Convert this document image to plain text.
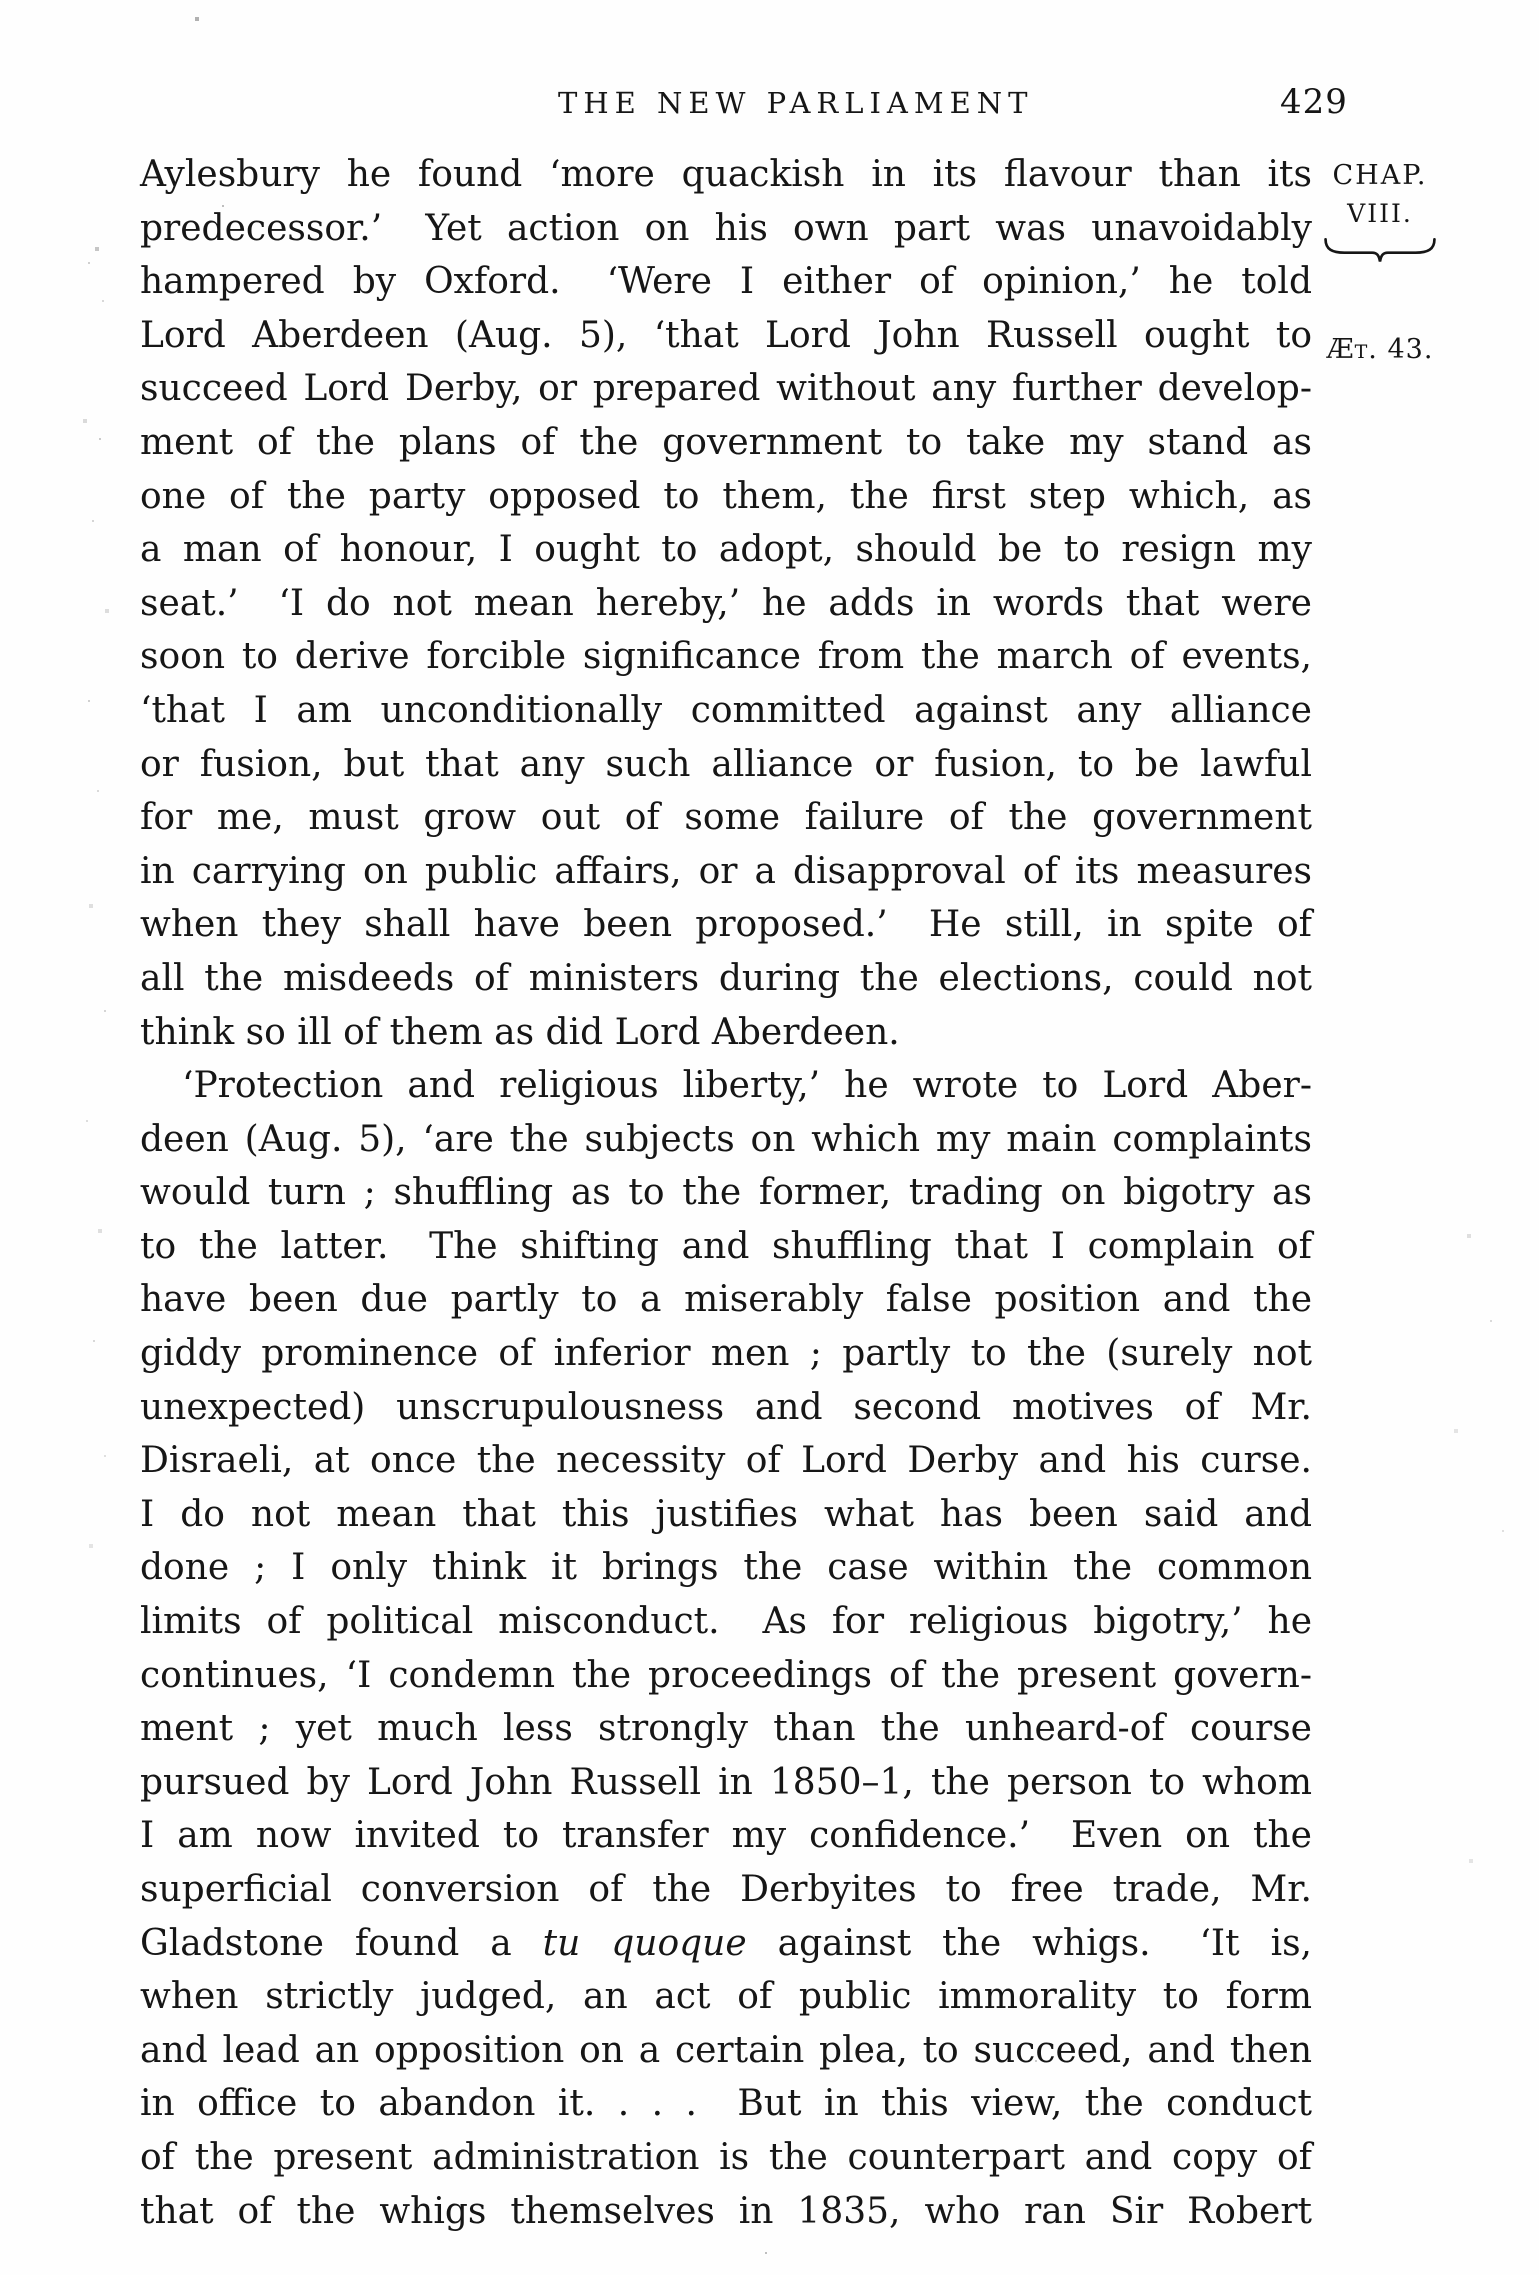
THE NEW PARLIAMENT	429
CHAP.
VIII.
Æt. 43.
Aylesbury he found ‘more quackish in its flavour than its
predecessor.’  Yet action on his own part was unavoidably
hampered by Oxford.  ‘Were I either of opinion,’ he told
Lord Aberdeen (Aug. 5), ‘that Lord John Russell ought to
succeed Lord Derby, or prepared without any further develop-
ment of the plans of the government to take my stand as
one of the party opposed to them, the first step which, as
a man of honour, I ought to adopt, should be to resign my
seat.’  ‘I do not mean hereby,’ he adds in words that were
soon to derive forcible significance from the march of events,
‘that I am unconditionally committed against any alliance
or fusion, but that any such alliance or fusion, to be lawful
for me, must grow out of some failure of the government
in carrying on public affairs, or a disapproval of its measures
when they shall have been proposed.’  He still, in spite of
all the misdeeds of ministers during the elections, could not
think so ill of them as did Lord Aberdeen.
‘Protection and religious liberty,’ he wrote to Lord Aber-
deen (Aug. 5), ‘are the subjects on which my main complaints
would turn ; shuffling as to the former, trading on bigotry as
to the latter.  The shifting and shuffling that I complain of
have been due partly to a miserably false position and the
giddy prominence of inferior men ; partly to the (surely not
unexpected) unscrupulousness and second motives of Mr.
Disraeli, at once the necessity of Lord Derby and his curse.
I do not mean that this justifies what has been said and
done ; I only think it brings the case within the common
limits of political misconduct.  As for religious bigotry,’ he
continues, ‘I condemn the proceedings of the present govern-
ment ; yet much less strongly than the unheard-of course
pursued by Lord John Russell in 1850–1, the person to whom
I am now invited to transfer my confidence.’  Even on the
superficial conversion of the Derbyites to free trade, Mr.
Gladstone found a tu quoque against the whigs.  ‘It is,
when strictly judged, an act of public immorality to form
and lead an opposition on a certain plea, to succeed, and then
in office to abandon it. . . .  But in this view, the conduct
of the present administration is the counterpart and copy of
that of the whigs themselves in 1835, who ran Sir Robert
